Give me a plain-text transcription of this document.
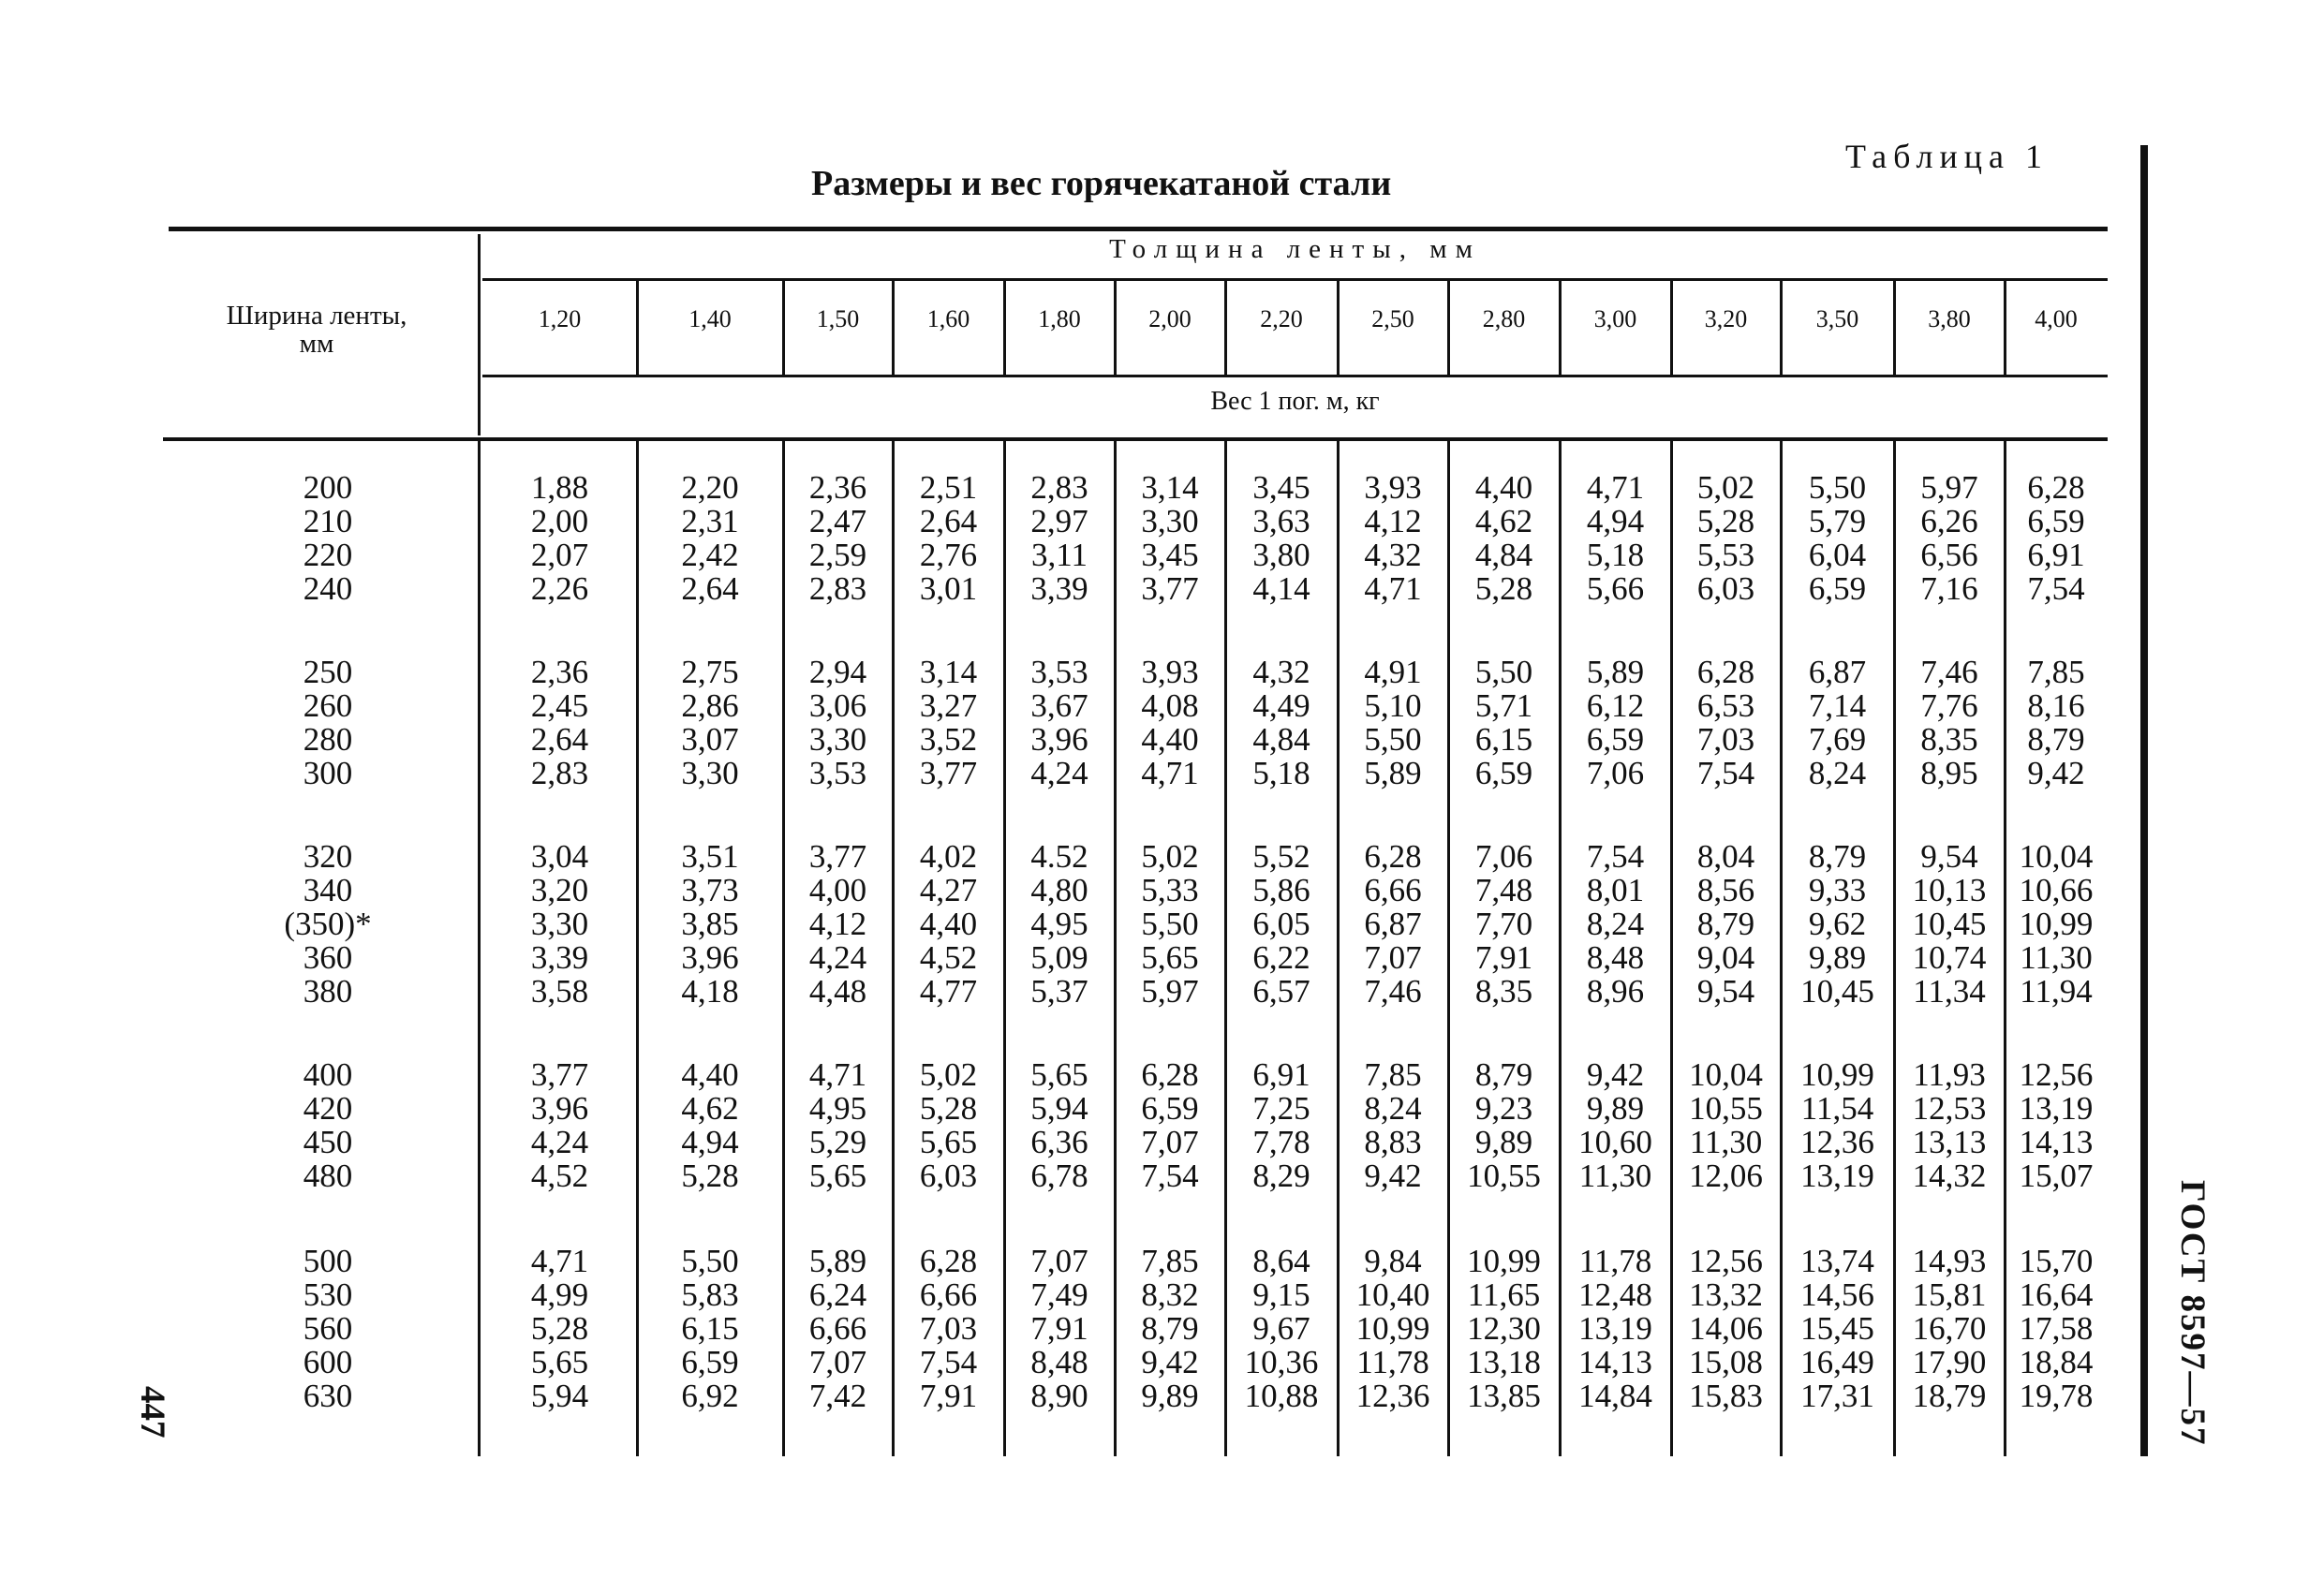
Таблица 1
Размеры и вес горячекатаной стали
ГОСТ 8597—57
447
Ширина ленты,
мм
Толщина ленты, мм
Вес 1 пог. м, кг
1,20	1,40	1,50	1,60	1,80	2,00	2,20	2,50	2,80	3,00	3,20	3,50	3,80	4,00
200	1,88	2,20	2,36	2,51	2,83	3,14	3,45	3,93	4,40	4,71	5,02	5,50	5,97	6,28
210	2,00	2,31	2,47	2,64	2,97	3,30	3,63	4,12	4,62	4,94	5,28	5,79	6,26	6,59
220	2,07	2,42	2,59	2,76	3,11	3,45	3,80	4,32	4,84	5,18	5,53	6,04	6,56	6,91
240	2,26	2,64	2,83	3,01	3,39	3,77	4,14	4,71	5,28	5,66	6,03	6,59	7,16	7,54
250	2,36	2,75	2,94	3,14	3,53	3,93	4,32	4,91	5,50	5,89	6,28	6,87	7,46	7,85
260	2,45	2,86	3,06	3,27	3,67	4,08	4,49	5,10	5,71	6,12	6,53	7,14	7,76	8,16
280	2,64	3,07	3,30	3,52	3,96	4,40	4,84	5,50	6,15	6,59	7,03	7,69	8,35	8,79
300	2,83	3,30	3,53	3,77	4,24	4,71	5,18	5,89	6,59	7,06	7,54	8,24	8,95	9,42
320	3,04	3,51	3,77	4,02	4.52	5,02	5,52	6,28	7,06	7,54	8,04	8,79	9,54	10,04
340	3,20	3,73	4,00	4,27	4,80	5,33	5,86	6,66	7,48	8,01	8,56	9,33	10,13	10,66
(350)*	3,30	3,85	4,12	4,40	4,95	5,50	6,05	6,87	7,70	8,24	8,79	9,62	10,45	10,99
360	3,39	3,96	4,24	4,52	5,09	5,65	6,22	7,07	7,91	8,48	9,04	9,89	10,74	11,30
380	3,58	4,18	4,48	4,77	5,37	5,97	6,57	7,46	8,35	8,96	9,54	10,45	11,34	11,94
400	3,77	4,40	4,71	5,02	5,65	6,28	6,91	7,85	8,79	9,42	10,04	10,99	11,93	12,56
420	3,96	4,62	4,95	5,28	5,94	6,59	7,25	8,24	9,23	9,89	10,55	11,54	12,53	13,19
450	4,24	4,94	5,29	5,65	6,36	7,07	7,78	8,83	9,89	10,60	11,30	12,36	13,13	14,13
480	4,52	5,28	5,65	6,03	6,78	7,54	8,29	9,42	10,55	11,30	12,06	13,19	14,32	15,07
500	4,71	5,50	5,89	6,28	7,07	7,85	8,64	9,84	10,99	11,78	12,56	13,74	14,93	15,70
530	4,99	5,83	6,24	6,66	7,49	8,32	9,15	10,40	11,65	12,48	13,32	14,56	15,81	16,64
560	5,28	6,15	6,66	7,03	7,91	8,79	9,67	10,99	12,30	13,19	14,06	15,45	16,70	17,58
600	5,65	6,59	7,07	7,54	8,48	9,42	10,36	11,78	13,18	14,13	15,08	16,49	17,90	18,84
630	5,94	6,92	7,42	7,91	8,90	9,89	10,88	12,36	13,85	14,84	15,83	17,31	18,79	19,78
